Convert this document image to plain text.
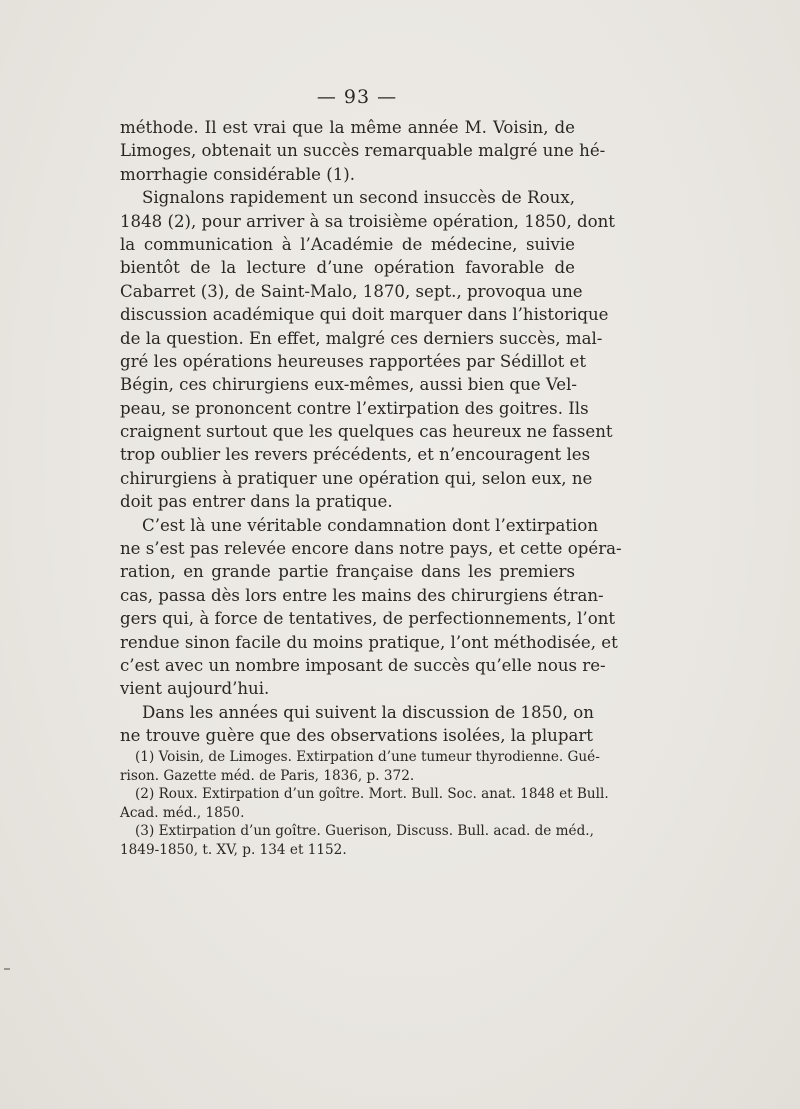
— 93 —
méthode. Il est vrai que la même année M. Voisin, de
Limoges, obtenait un succès remarquable malgré une hé-
morrhagie considérable (1).
Signalons rapidement un second insuccès de Roux,
1848 (2), pour arriver à sa troisième opération, 1850, dont
la communication à l’Académie de médecine, suivie
bientôt de la lecture d’une opération favorable de
Cabarret (3), de Saint-Malo, 1870, sept., provoqua une
discussion académique qui doit marquer dans l’historique
de la question. En effet, malgré ces derniers succès, mal-
gré les opérations heureuses rapportées par Sédillot et
Bégin, ces chirurgiens eux-mêmes, aussi bien que Vel-
peau, se prononcent contre l’extirpation des goitres. Ils
craignent surtout que les quelques cas heureux ne fassent
trop oublier les revers précédents, et n’encouragent les
chirurgiens à pratiquer une opération qui, selon eux, ne
doit pas entrer dans la pratique.
C’est là une véritable condamnation dont l’extirpation
ne s’est pas relevée encore dans notre pays, et cette opéra-
ration, en grande partie française dans les premiers
cas, passa dès lors entre les mains des chirurgiens étran-
gers qui, à force de tentatives, de perfectionnements, l’ont
rendue sinon facile du moins pratique, l’ont méthodisée, et
c’est avec un nombre imposant de succès qu’elle nous re-
vient aujourd’hui.
Dans les années qui suivent la discussion de 1850, on
ne trouve guère que des observations isolées, la plupart
(1) Voisin, de Limoges. Extirpation d’une tumeur thyrodienne. Gué-
rison. Gazette méd. de Paris, 1836, p. 372.
(2) Roux. Extirpation d’un goître. Mort. Bull. Soc. anat. 1848 et Bull.
Acad. méd., 1850.
(3) Extirpation d’un goître. Guerison, Discuss. Bull. acad. de méd.,
1849-1850, t. XV, p. 134 et 1152.
